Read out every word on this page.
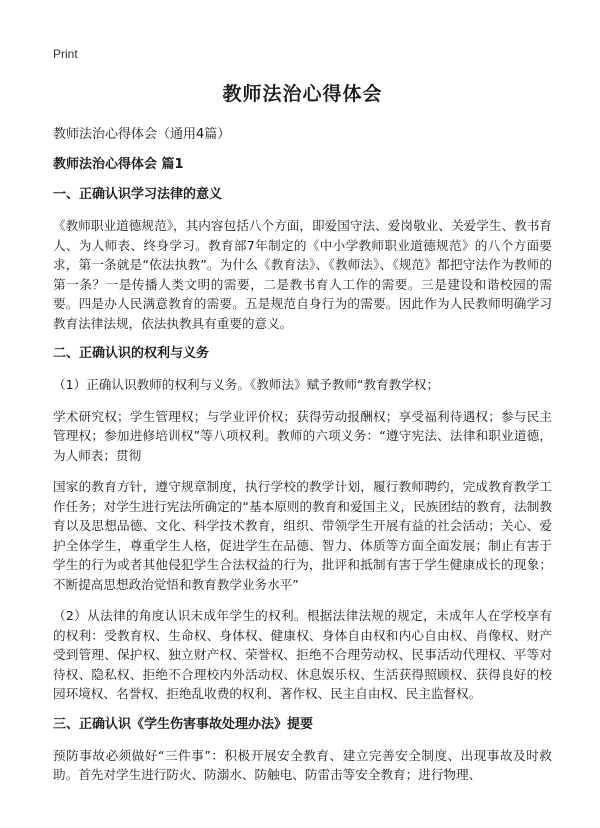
Print
教师法治心得体会
教师法治心得体会（通用4篇）
教师法治心得体会 篇1
一、正确认识学习法律的意义

《教师职业道德规范》，其内容包括八个方面，即爱国守法、爱岗敬业、关爱学生、教书育人、为人师表、终身学习。教育部7年制定的《中小学教师职业道德规范》的八个方面要求，第一条就是“依法执教”。为什么《教育法》、《教师法》、《规范》都把守法作为教师的第一条？一是传播人类文明的需要，二是教书育人工作的需要。三是建设和谐校园的需要。四是办人民满意教育的需要。五是规范自身行为的需要。因此作为人民教师明确学习教育法律法规，依法执教具有重要的意义。

二、正确认识的权利与义务

（1）正确认识教师的权利与义务。《教师法》赋予教师“教育教学权；

学术研究权；学生管理权；与学业评价权；获得劳动报酬权；享受福利待遇权；参与民主管理权；参加进修培训权”等八项权利。教师的六项义务：“遵守宪法、法律和职业道德，为人师表；贯彻

国家的教育方针，遵守规章制度，执行学校的教学计划，履行教师聘约，完成教育教学工作任务；对学生进行宪法所确定的“基本原则的教育和爱国主义，民族团结的教育，法制教育以及思想品德、文化、科学技术教育，组织、带领学生开展有益的社会活动；关心、爱护全体学生，尊重学生人格，促进学生在品德、智力、体质等方面全面发展；制止有害于学生的行为或者其他侵犯学生合法权益的行为，批评和抵制有害于学生健康成长的现象；不断提高思想政治觉悟和教育教学业务水平”

（2）从法律的角度认识未成年学生的权利。根据法律法规的规定，未成年人在学校享有的权利：受教育权、生命权、身体权、健康权、身体自由权和内心自由权、肖像权、财产受到管理、保护权、独立财产权、荣誉权、拒绝不合理劳动权、民事活动代理权、平等对待权、隐私权、拒绝不合理校内外活动权、休息娱乐权、生活获得照顾权、获得良好的校园环境权、名誉权、拒绝乱收费的权利、著作权、民主自由权、民主监督权。

三、正确认识《学生伤害事故处理办法》提要

预防事故必须做好“三件事”：积极开展安全教育、建立完善安全制度、出现事故及时救助。首先对学生进行防火、防溺水、防触电、防雷击等安全教育；进行物理、
